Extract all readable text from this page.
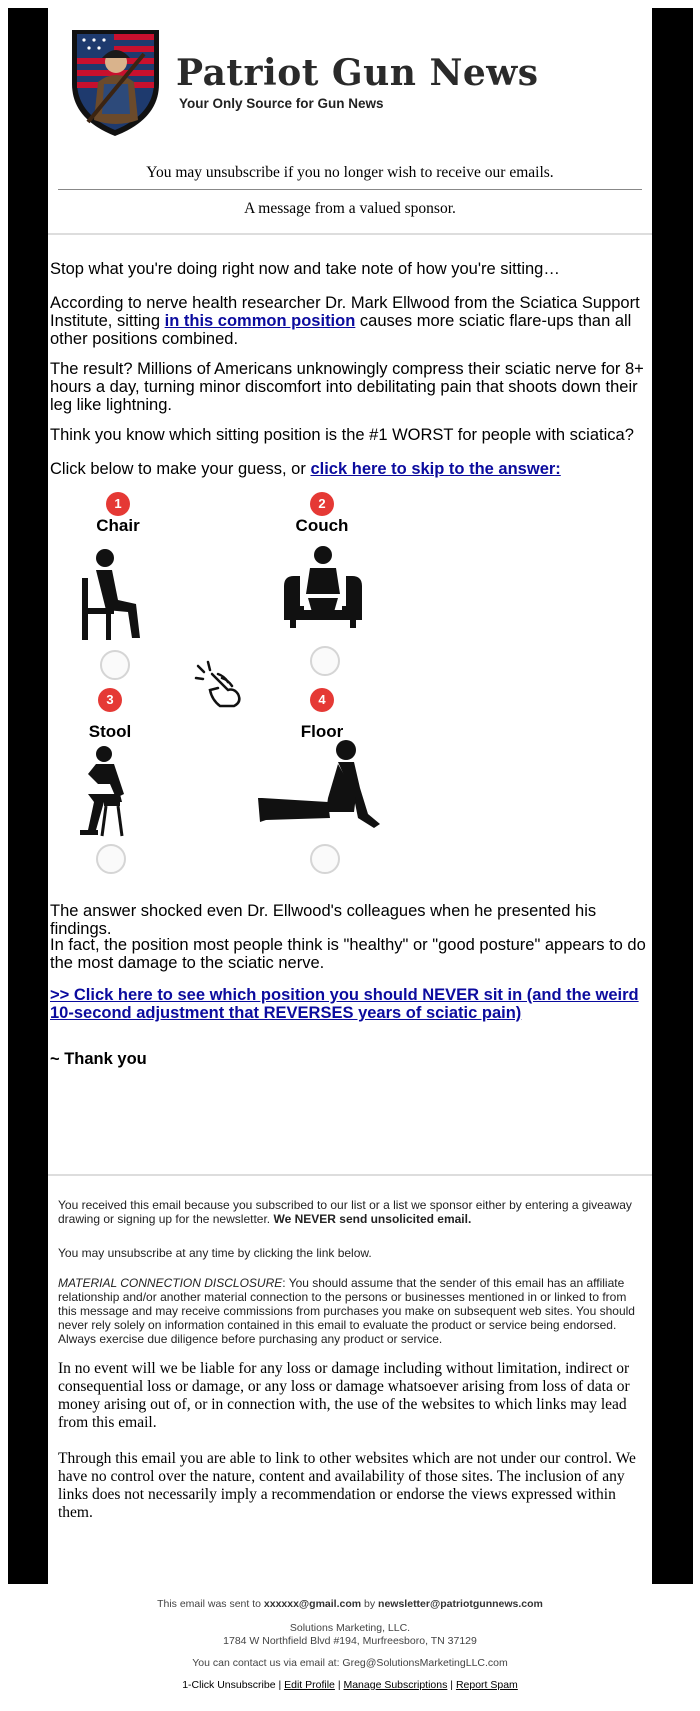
Patriot Gun News
Your Only Source for Gun News
You may unsubscribe if you no longer wish to receive our emails.
A message from a valued sponsor.
Stop what you're doing right now and take note of how you're sitting…
According to nerve health researcher Dr. Mark Ellwood from the Sciatica Support Institute, sitting in this common position causes more sciatic flare-ups than all other positions combined.
The result? Millions of Americans unknowingly compress their sciatic nerve for 8+ hours a day, turning minor discomfort into debilitating pain that shoots down their leg like lightning.
Think you know which sitting position is the #1 WORST for people with sciatica?
Click below to make your guess, or click here to skip to the answer:
1
Chair
2
Couch
3
Stool
4
Floor
The answer shocked even Dr. Ellwood's colleagues when he presented his findings.
In fact, the position most people think is "healthy" or "good posture" appears to do the most damage to the sciatic nerve.
>> Click here to see which position you should NEVER sit in (and the weird 10-second adjustment that REVERSES years of sciatic pain)
~ Thank you
You received this email because you subscribed to our list or a list we sponsor either by entering a giveaway drawing or signing up for the newsletter. We NEVER send unsolicited email.
You may unsubscribe at any time by clicking the link below.
MATERIAL CONNECTION DISCLOSURE: You should assume that the sender of this email has an affiliate relationship and/or another material connection to the persons or businesses mentioned in or linked to from this message and may receive commissions from purchases you make on subsequent web sites. You should never rely solely on information contained in this email to evaluate the product or service being endorsed. Always exercise due diligence before purchasing any product or service.
In no event will we be liable for any loss or damage including without limitation, indirect or consequential loss or damage, or any loss or damage whatsoever arising from loss of data or money arising out of, or in connection with, the use of the websites to which links may lead from this email.
Through this email you are able to link to other websites which are not under our control. We have no control over the nature, content and availability of those sites. The inclusion of any links does not necessarily imply a recommendation or endorse the views expressed within them.
This email was sent to xxxxxx@gmail.com by newsletter@patriotgunnews.com
Solutions Marketing, LLC.
1784 W Northfield Blvd #194, Murfreesboro, TN 37129
You can contact us via email at: Greg@SolutionsMarketingLLC.com
1-Click Unsubscribe | Edit Profile | Manage Subscriptions | Report Spam
